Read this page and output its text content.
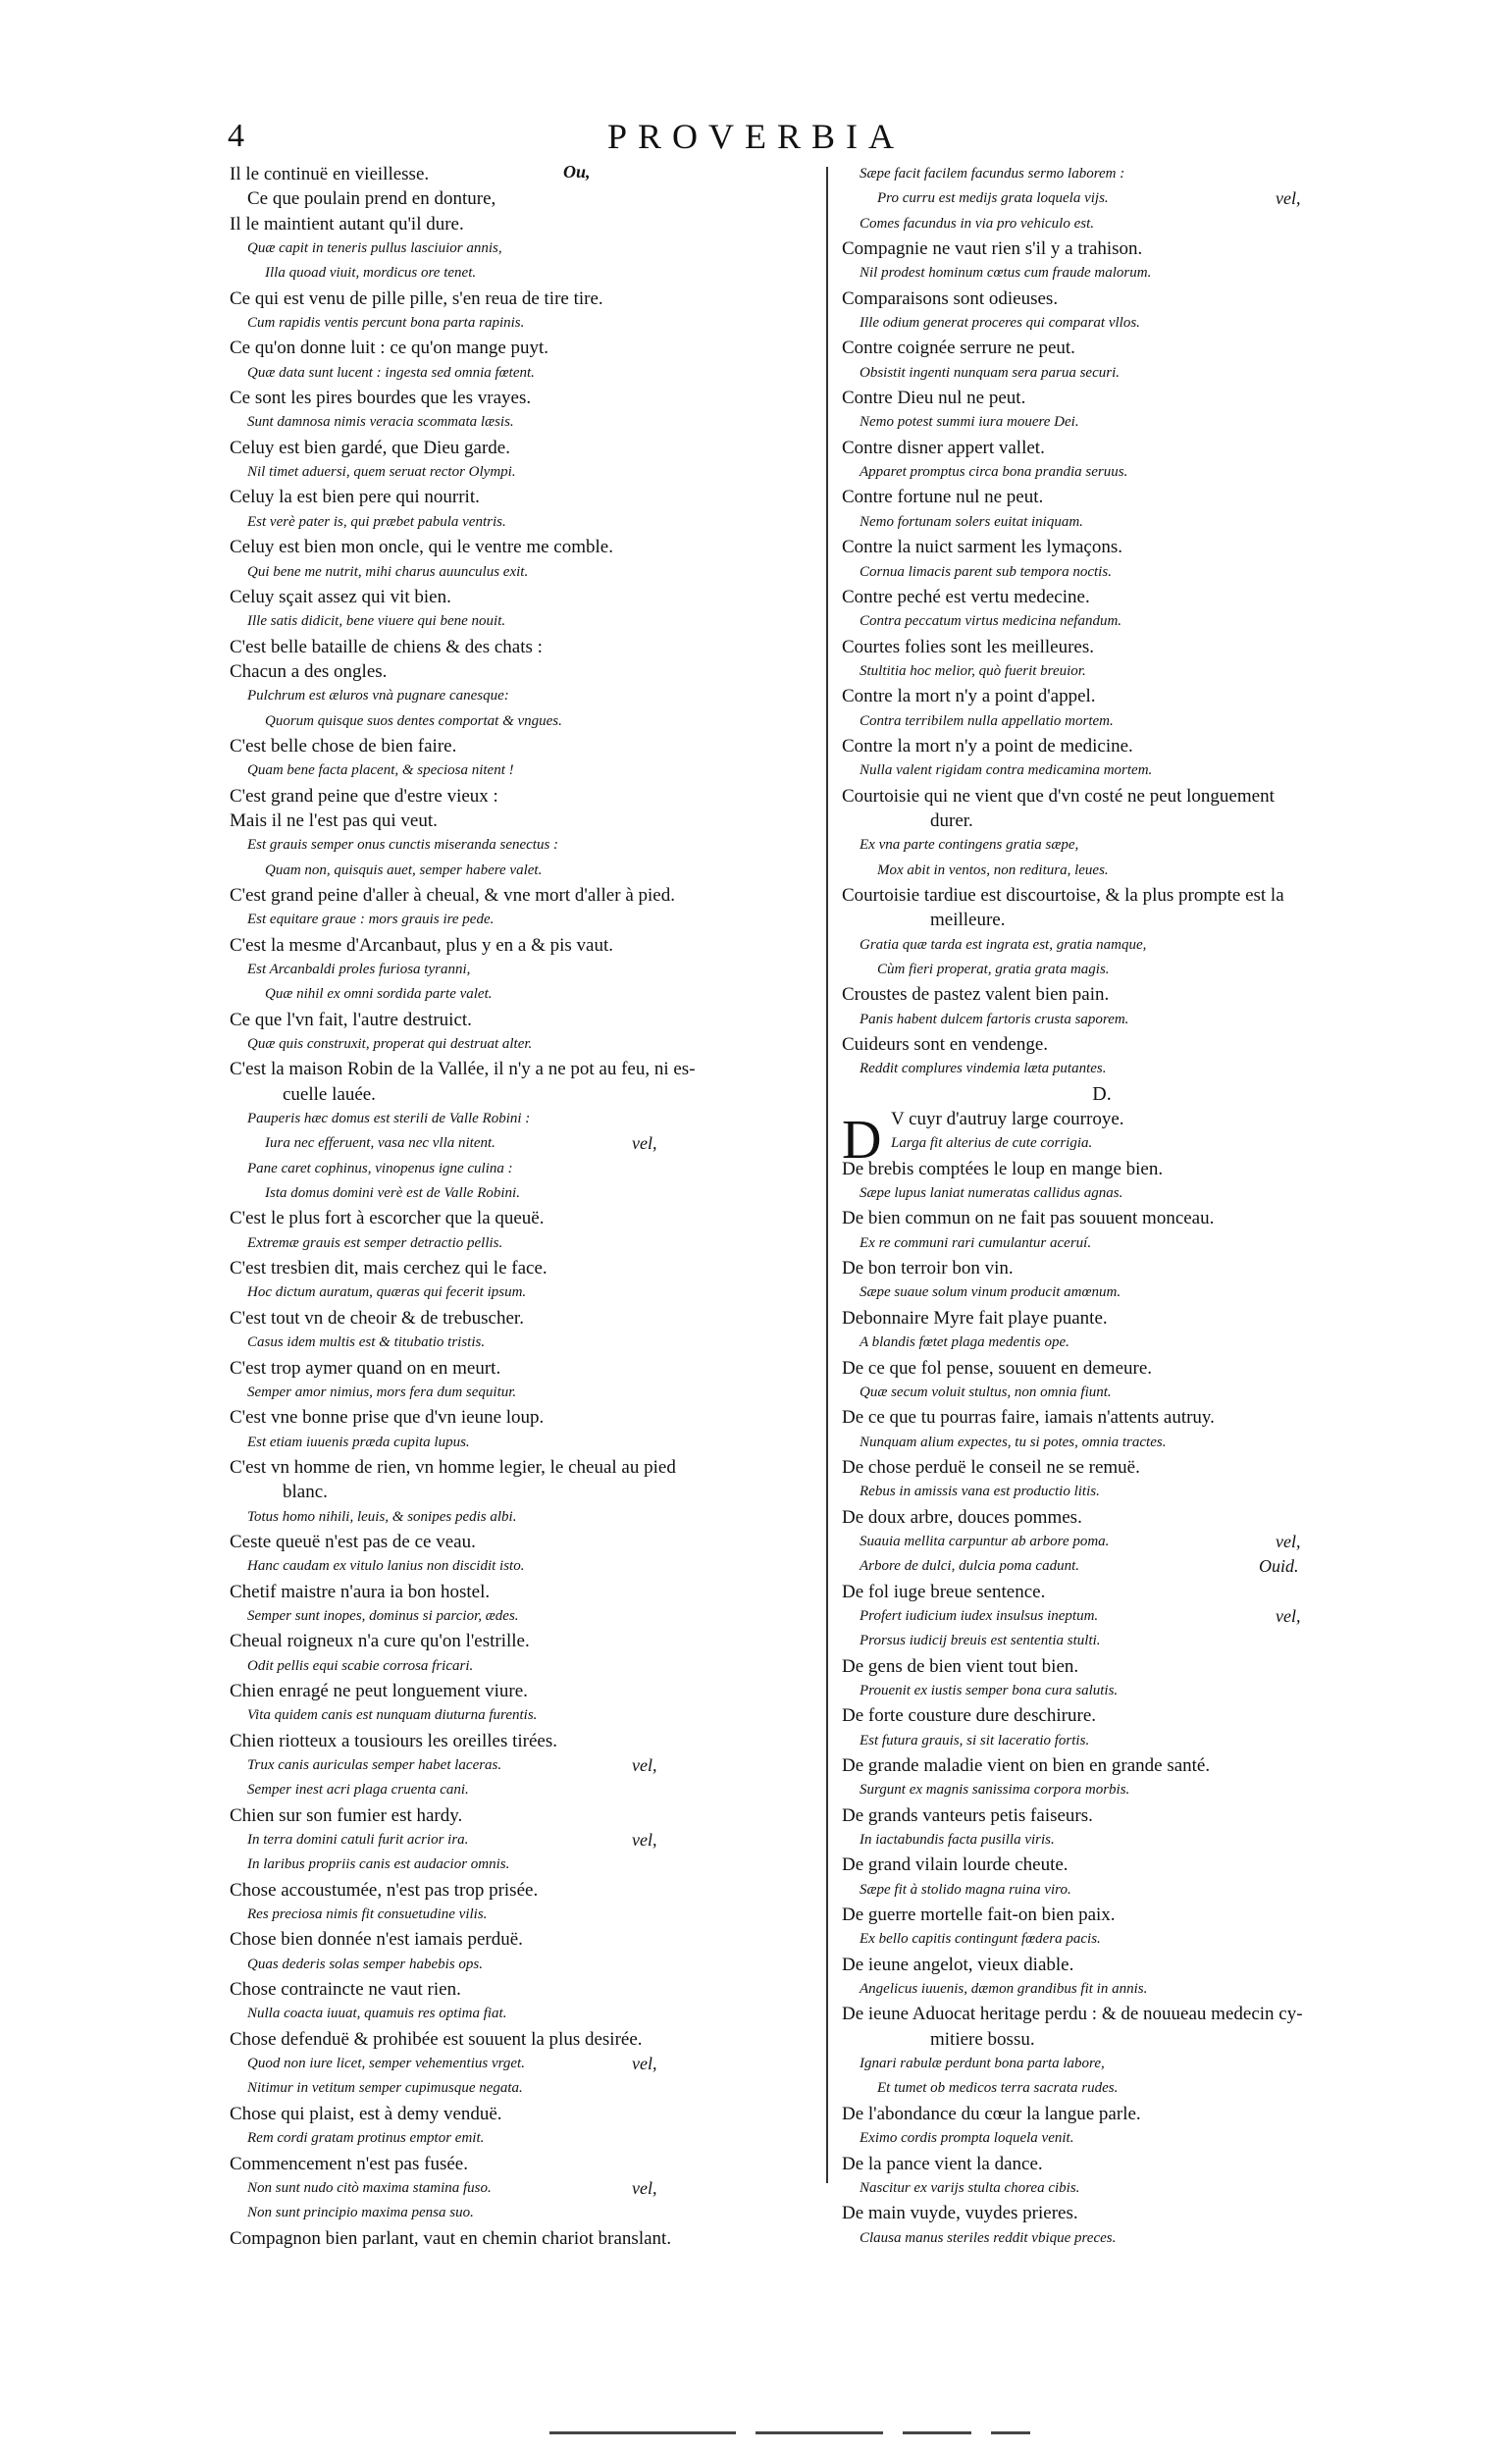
4	PROVERBIA
Il le continuë en vieillesse.
Ce que poulain prend en donture,
Il le maintient autant qu'il dure.
Quæ capit in teneris pullus lasciuior annis,
Illa quoad viuit, mordicus ore tenet.
Ce qui est venu de pille pille, s'en reua de tire tire.
Cum rapidis ventis percunt bona parta rapinis.
Ce qu'on donne luit : ce qu'on mange puyt.
Quæ data sunt lucent : ingesta sed omnia fœtent.
Ce sont les pires bourdes que les vrayes.
Sunt damnosa nimis veracia scommata læsis.
Celuy est bien gardé, que Dieu garde.
Nil timet aduersi, quem seruat rector Olympi.
Celuy la est bien pere qui nourrit.
Est verè pater is, qui præbet pabula ventris.
Celuy est bien mon oncle, qui le ventre me comble.
Qui bene me nutrit, mihi charus auunculus exit.
Celuy sçait assez qui vit bien.
Ille satis didicit, bene viuere qui bene nouit.
C'est belle bataille de chiens & des chats :
Chacun a des ongles.
Pulchrum est æluros vnà pugnare canesque:
Quorum quisque suos dentes comportat & vngues.
C'est belle chose de bien faire.
Quam bene facta placent, & speciosa nitent !
C'est grand peine que d'estre vieux :
Mais il ne l'est pas qui veut.
Est grauis semper onus cunctis miseranda senectus :
Quam non, quisquis auet, semper habere valet.
C'est grand peine d'aller à cheual, & vne mort d'aller à pied.
Est equitare graue : mors grauis ire pede.
C'est la mesme d'Arcanbaut, plus y en a & pis vaut.
Est Arcanbaldi proles furiosa tyranni,
Quæ nihil ex omni sordida parte valet.
Ce que l'vn fait, l'autre destruict.
Quæ quis construxit, properat qui destruat alter.
C'est la maison Robin de la Vallée, il n'y a ne pot au feu, ni es-
cuelle lauée.
Pauperis hæc domus est sterili de Valle Robini :
Iura nec efferuent, vasa nec vlla nitent.	vel,
Pane caret cophinus, vinopenus igne culina :
Ista domus domini verè est de Valle Robini.
C'est le plus fort à escorcher que la queuë.
Extremæ grauis est semper detractio pellis.
C'est tresbien dit, mais cerchez qui le face.
Hoc dictum auratum, quæras qui fecerit ipsum.
C'est tout vn de cheoir & de trebuscher.
Casus idem multis est & titubatio tristis.
C'est trop aymer quand on en meurt.
Semper amor nimius, mors fera dum sequitur.
C'est vne bonne prise que d'vn ieune loup.
Est etiam iuuenis præda cupita lupus.
C'est vn homme de rien, vn homme legier, le cheual au pied
blanc.
Totus homo nihili, leuis, & sonipes pedis albi.
Ceste queuë n'est pas de ce veau.
Hanc caudam ex vitulo lanius non discidit isto.
Chetif maistre n'aura ia bon hostel.
Semper sunt inopes, dominus si parcior, ædes.
Cheual roigneux n'a cure qu'on l'estrille.
Odit pellis equi scabie corrosa fricari.
Chien enragé ne peut longuement viure.
Vita quidem canis est nunquam diuturna furentis.
Chien riotteux a tousiours les oreilles tirées.
Trux canis auriculas semper habet laceras.	vel,
Semper inest acri plaga cruenta cani.
Chien sur son fumier est hardy.
In terra domini catuli furit acrior ira.	vel,
In laribus propriis canis est audacior omnis.
Chose accoustumée, n'est pas trop prisée.
Res preciosa nimis fit consuetudine vilis.
Chose bien donnée n'est iamais perduë.
Quas dederis solas semper habebis ops.
Chose contraincte ne vaut rien.
Nulla coacta iuuat, quamuis res optima fiat.
Chose defenduë & prohibée est souuent la plus desirée.
Quod non iure licet, semper vehementius vrget.	vel,
Nitimur in vetitum semper cupimusque negata.
Chose qui plaist, est à demy venduë.
Rem cordi gratam protinus emptor emit.
Commencement n'est pas fusée.
Non sunt nudo citò maxima stamina fuso.	vel,
Non sunt principio maxima pensa suo.
Compagnon bien parlant, vaut en chemin chariot branslant.
Sæpe facit facilem facundus sermo laborem :
Pro curru est medijs grata loquela vijs.	vel,
Comes facundus in via pro vehiculo est.
Compagnie ne vaut rien s'il y a trahison.
Nil prodest hominum cœtus cum fraude malorum.
Comparaisons sont odieuses.
Ille odium generat proceres qui comparat vllos.
Contre coignée serrure ne peut.
Obsistit ingenti nunquam sera parua securi.
Contre Dieu nul ne peut.
Nemo potest summi iura mouere Dei.
Contre disner appert vallet.
Apparet promptus circa bona prandia seruus.
Contre fortune nul ne peut.
Nemo fortunam solers euitat iniquam.
Contre la nuict sarment les lymaçons.
Cornua limacis parent sub tempora noctis.
Contre peché est vertu medecine.
Contra peccatum virtus medicina nefandum.
Courtes folies sont les meilleures.
Stultitia hoc melior, quò fuerit breuior.
Contre la mort n'y a point d'appel.
Contra terribilem nulla appellatio mortem.
Contre la mort n'y a point de medicine.
Nulla valent rigidam contra medicamina mortem.
Courtoisie qui ne vient que d'vn costé ne peut longuement
durer.
Ex vna parte contingens gratia sæpe,
Mox abit in ventos, non reditura, leues.
Courtoisie tardiue est discourtoise, & la plus prompte est la
meilleure.
Gratia quæ tarda est ingrata est, gratia namque,
Cùm fieri properat, gratia grata magis.
Croustes de pastez valent bien pain.
Panis habent dulcem fartoris crusta saporem.
Cuideurs sont en vendenge.
Reddit complures vindemia læta putantes.
D.
D V cuyr d'autruy large courroye.
Larga fit alterius de cute corrigia.
De brebis comptées le loup en mange bien.
Sæpe lupus laniat numeratas callidus agnas.
De bien commun on ne fait pas souuent monceau.
Ex re communi rari cumulantur aceruí.
De bon terroir bon vin.
Sæpe suaue solum vinum producit amœnum.
Debonnaire Myre fait playe puante.
A blandis fœtet plaga medentis ope.
De ce que fol pense, souuent en demeure.
Quæ secum voluit stultus, non omnia fiunt.
De ce que tu pourras faire, iamais n'attents autruy.
Nunquam alium expectes, tu si potes, omnia tractes.
De chose perduë le conseil ne se remuë.
Rebus in amissis vana est productio litis.
De doux arbre, douces pommes.
Suauia mellita carpuntur ab arbore poma.	vel,
Arbore de dulci, dulcia poma cadunt.	Ouid.
De fol iuge breue sentence.
Profert iudicium iudex insulsus ineptum.	vel,
Prorsus iudicij breuis est sententia stulti.
De gens de bien vient tout bien.
Prouenit ex iustis semper bona cura salutis.
De forte cousture dure deschirure.
Est futura grauis, si sit laceratio fortis.
De grande maladie vient on bien en grande santé.
Surgunt ex magnis sanissima corpora morbis.
De grands vanteurs petis faiseurs.
In iactabundis facta pusilla viris.
De grand vilain lourde cheute.
Sæpe fit à stolido magna ruina viro.
De guerre mortelle fait-on bien paix.
Ex bello capitis contingunt fœdera pacis.
De ieune angelot, vieux diable.
Angelicus iuuenis, dæmon grandibus fit in annis.
De ieune Aduocat heritage perdu : & de nouueau medecin cy-
mitiere bossu.
Ignari rabulæ perdunt bona parta labore,
Et tumet ob medicos terra sacrata rudes.
De l'abondance du cœur la langue parle.
Eximo cordis prompta loquela venit.
De la pance vient la dance.
Nascitur ex varijs stulta chorea cibis.
De main vuyde, vuydes prieres.
Clausa manus steriles reddit vbique preces.
Ou,
